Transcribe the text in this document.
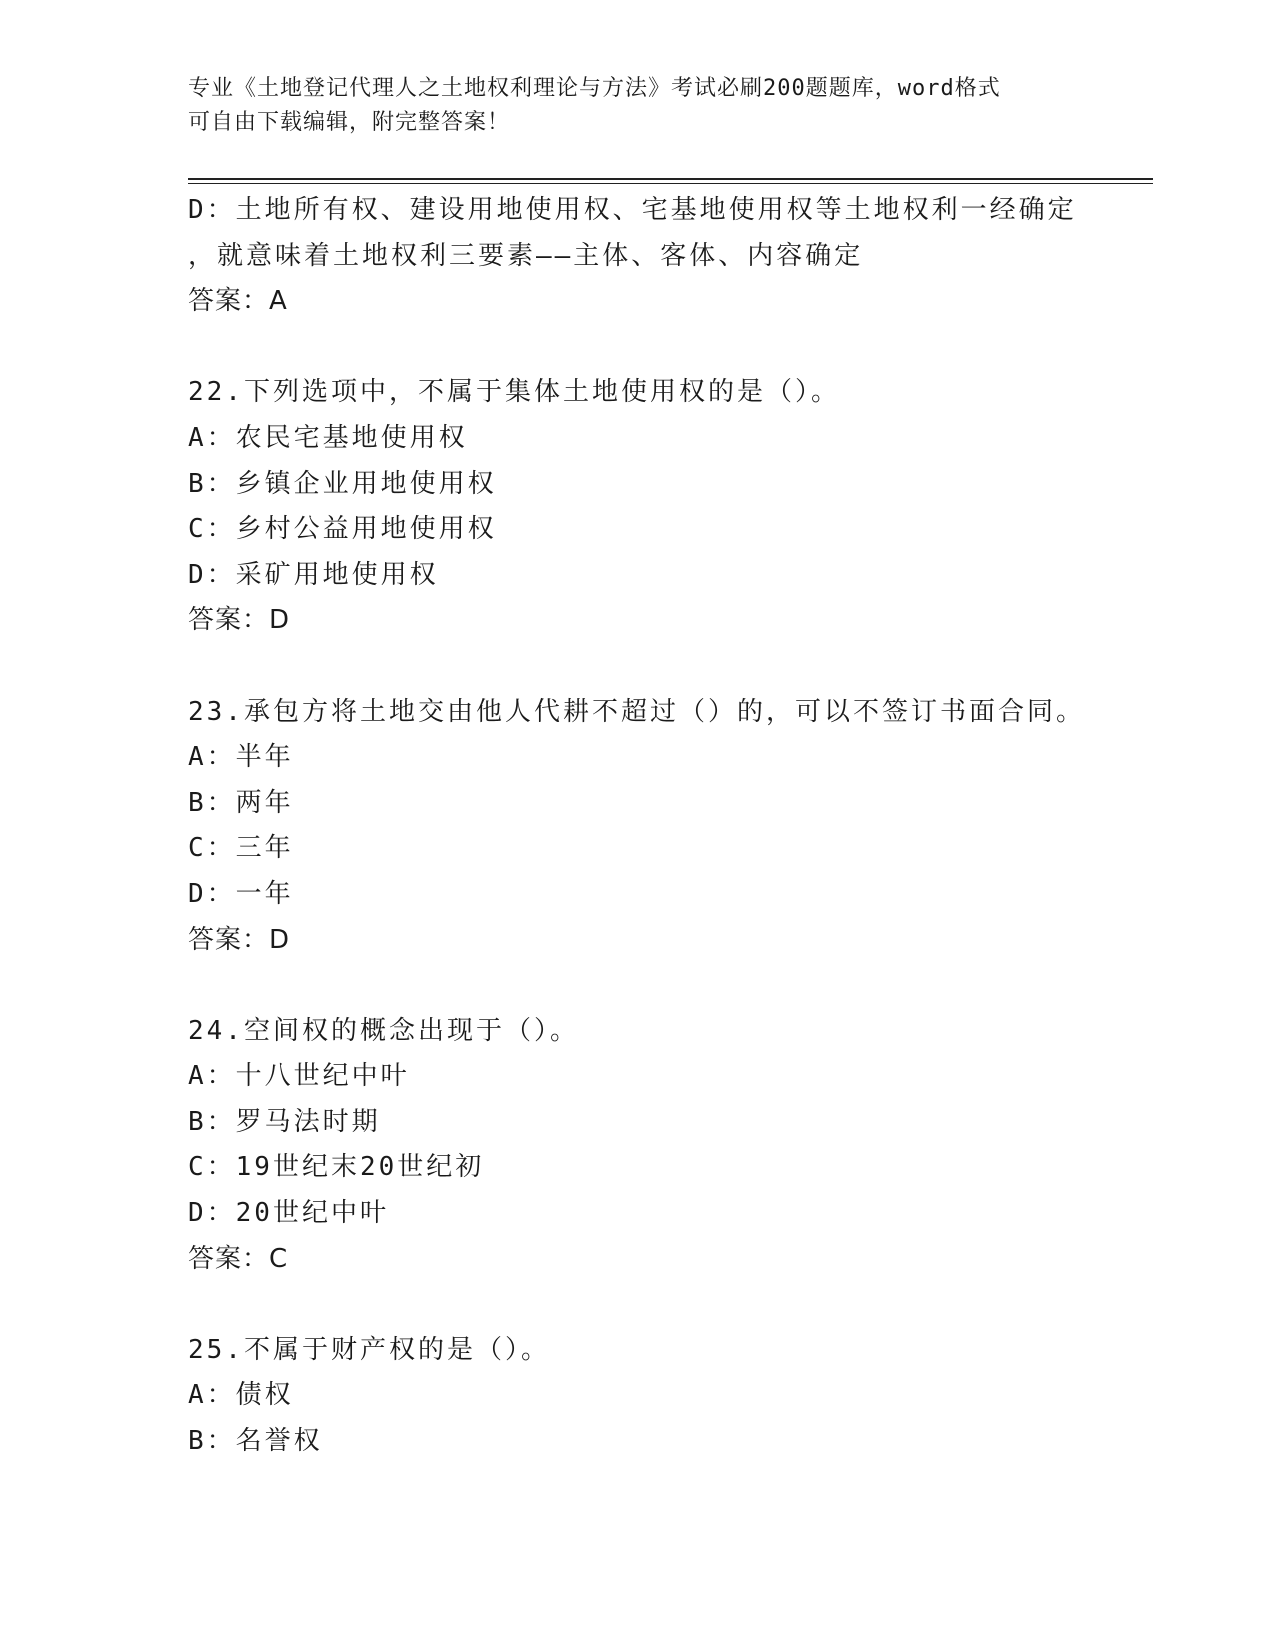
专业《土地登记代理人之土地权利理论与方法》考试必刷200题题库，word格式
可自由下载编辑，附完整答案！
D：土地所有权、建设用地使用权、宅基地使用权等土地权利一经确定
，就意味着土地权利三要素——主体、客体、内容确定
答案：A
22.下列选项中，不属于集体土地使用权的是（）。
A：农民宅基地使用权
B：乡镇企业用地使用权
C：乡村公益用地使用权
D：采矿用地使用权
答案：D
23.承包方将土地交由他人代耕不超过（）的，可以不签订书面合同。
A：半年
B：两年
C：三年
D：一年
答案：D
24.空间权的概念出现于（）。
A：十八世纪中叶
B：罗马法时期
C：19世纪末20世纪初
D：20世纪中叶
答案：C
25.不属于财产权的是（）。
A：债权
B：名誉权
